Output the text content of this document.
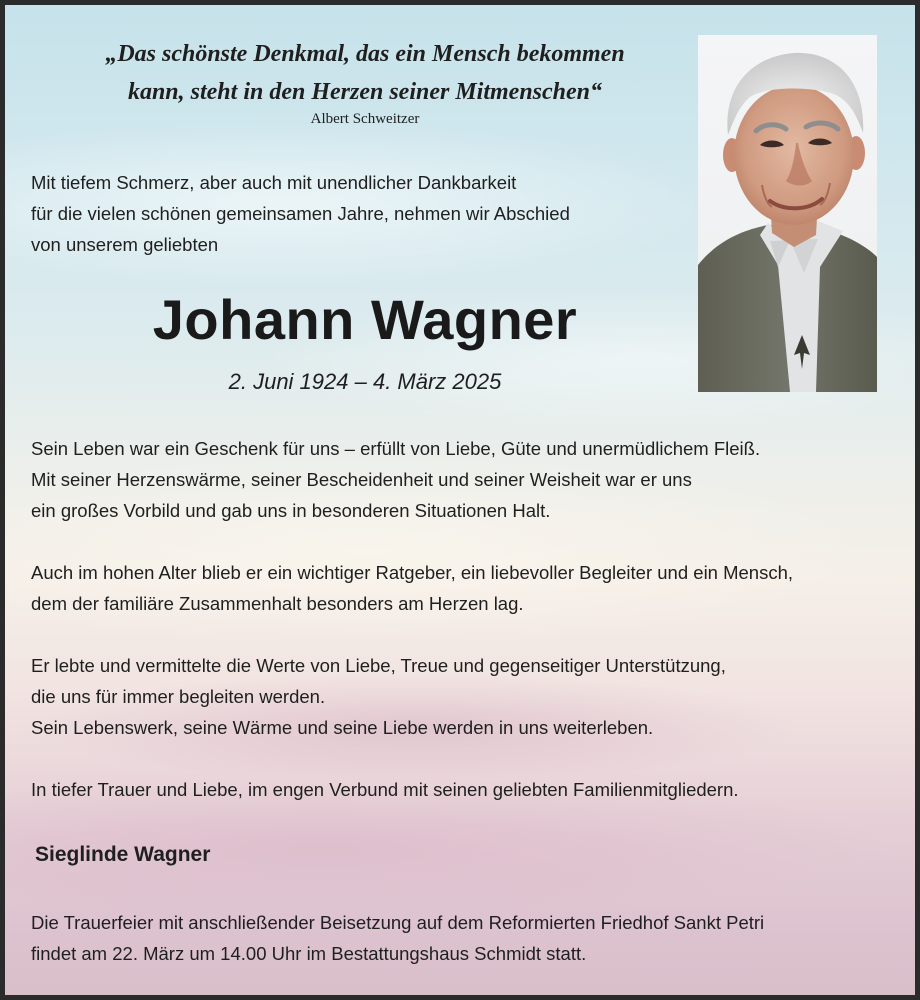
„Das schönste Denkmal, das ein Mensch bekommen
kann, steht in den Herzen seiner Mitmenschen“
Albert Schweitzer
Mit tiefem Schmerz, aber auch mit unendlicher Dankbarkeit
für die vielen schönen gemeinsamen Jahre, nehmen wir Abschied
von unserem geliebten
Johann Wagner
2. Juni 1924 – 4. März 2025

Sein Leben war ein Geschenk für uns – erfüllt von Liebe, Güte und unermüdlichem Fleiß.
Mit seiner Herzenswärme, seiner Bescheidenheit und seiner Weisheit war er uns
ein großes Vorbild und gab uns in besonderen Situationen Halt.

Auch im hohen Alter blieb er ein wichtiger Ratgeber, ein liebevoller Begleiter und ein Mensch,
dem der familiäre Zusammenhalt besonders am Herzen lag.

Er lebte und vermittelte die Werte von Liebe, Treue und gegenseitiger Unterstützung,
die uns für immer begleiten werden.
Sein Lebenswerk, seine Wärme und seine Liebe werden in uns weiterleben.

In tiefer Trauer und Liebe, im engen Verbund mit seinen geliebten Familienmitgliedern.

Sieglinde Wagner
Die Trauerfeier mit anschließender Beisetzung auf dem Reformierten Friedhof Sankt Petri
findet am 22. März um 14.00 Uhr im Bestattungshaus Schmidt statt.
